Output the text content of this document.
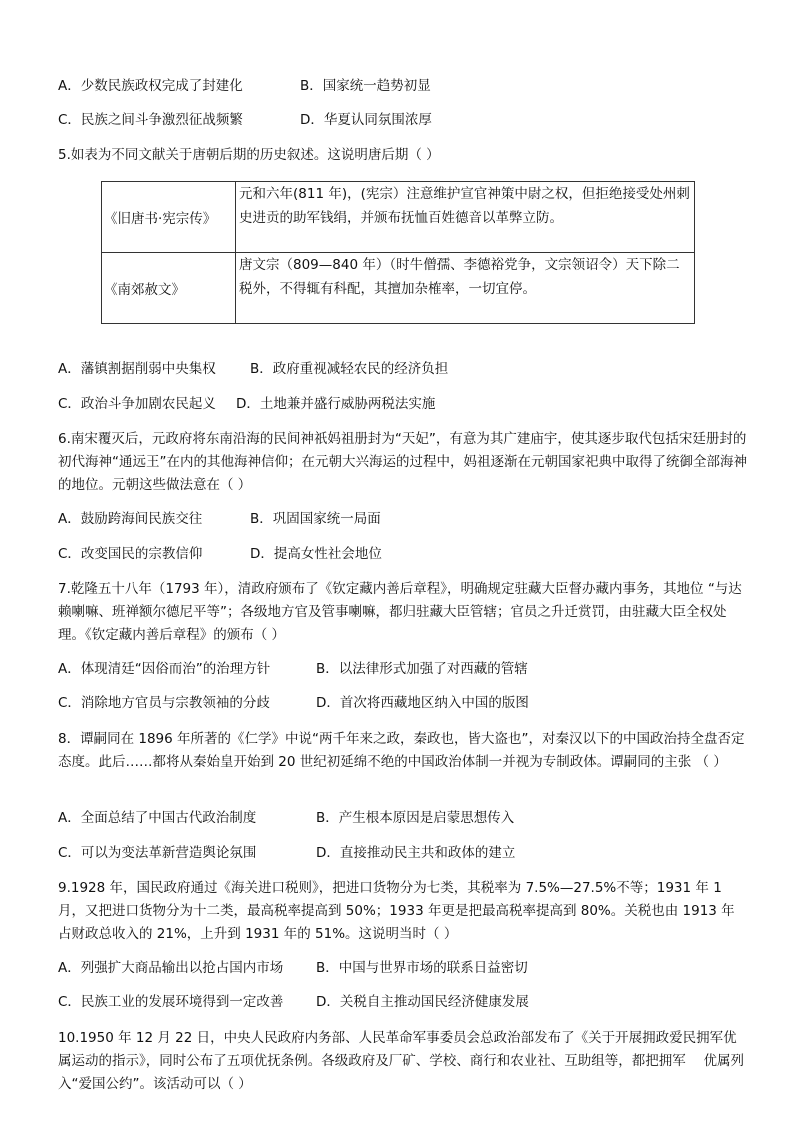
A．少数民族政权完成了封建化	B．国家统一趋势初显
C．民族之间斗争激烈征战频繁	D．华夏认同氛围浓厚
5.如表为不同文献关于唐朝后期的历史叙述。这说明唐后期（ ）
《旧唐书·宪宗传》	元和六年(811 年)，(宪宗）注意维护宣官神策中尉之权，但拒绝接受处州刺史进贡的助军钱绢，并颁布抚恤百姓德音以革弊立防。
《南郊赦文》	唐文宗（809—840 年）（时牛僧孺、李德裕党争，文宗领诏令）天下除二税外，不得辄有科配，其擅加杂榷率，一切宜停。
A．藩镇割据削弱中央集权	B．政府重视减轻农民的经济负担
C．政治斗争加剧农民起义 D．土地兼并盛行威胁两税法实施
6.南宋覆灭后，元政府将东南沿海的民间神祇妈祖册封为“天妃”，有意为其广建庙宇，使其逐步取代包括宋廷册封的初代海神“通远王”在内的其他海神信仰；在元朝大兴海运的过程中，妈祖逐渐在元朝国家祀典中取得了统御全部海神的地位。元朝这些做法意在（ ）
A．鼓励跨海间民族交往	B．巩固国家统一局面
C．改变国民的宗教信仰	D．提高女性社会地位
7.乾隆五十八年（1793 年），清政府颁布了《钦定藏内善后章程》，明确规定驻藏大臣督办藏内事务，其地位 “与达赖喇嘛、班禅额尔德尼平等”；各级地方官及管事喇嘛，都归驻藏大臣管辖；官员之升迁赏罚，由驻藏大臣全权处理。《钦定藏内善后章程》的颁布（ ）
A．体现清廷“因俗而治”的治理方针	B．以法律形式加强了对西藏的管辖
C．消除地方官员与宗教领袖的分歧	D．首次将西藏地区纳入中国的版图
8．谭嗣同在 1896 年所著的《仁学》中说“两千年来之政，秦政也，皆大盗也”，对秦汉以下的中国政治持全盘否定态度。此后……都将从秦始皇开始到 20 世纪初延绵不绝的中国政治体制一并视为专制政体。谭嗣同的主张 （ ）
A．全面总结了中国古代政治制度	B．产生根本原因是启蒙思想传入
C．可以为变法革新营造舆论氛围	D．直接推动民主共和政体的建立
9.1928 年，国民政府通过《海关进口税则》，把进口货物分为七类，其税率为 7.5%—27.5%不等；1931 年 1 月，又把进口货物分为十二类，最高税率提高到 50%；1933 年更是把最高税率提高到 80%。关税也由 1913 年占财政总收入的 21%，上升到 1931 年的 51%。这说明当时（ ）
A．列强扩大商品输出以抢占国内市场 B．中国与世界市场的联系日益密切
C．民族工业的发展环境得到一定改善 D．关税自主推动国民经济健康发展
10.1950 年 12 月 22 日，中央人民政府内务部、人民革命军事委员会总政治部发布了《关于开展拥政爱民拥军优属运动的指示》，同时公布了五项优抚条例。各级政府及厂矿、学校、商行和农业社、互助组等，都把拥军　 优属列入“爱国公约”。该活动可以（ ）
